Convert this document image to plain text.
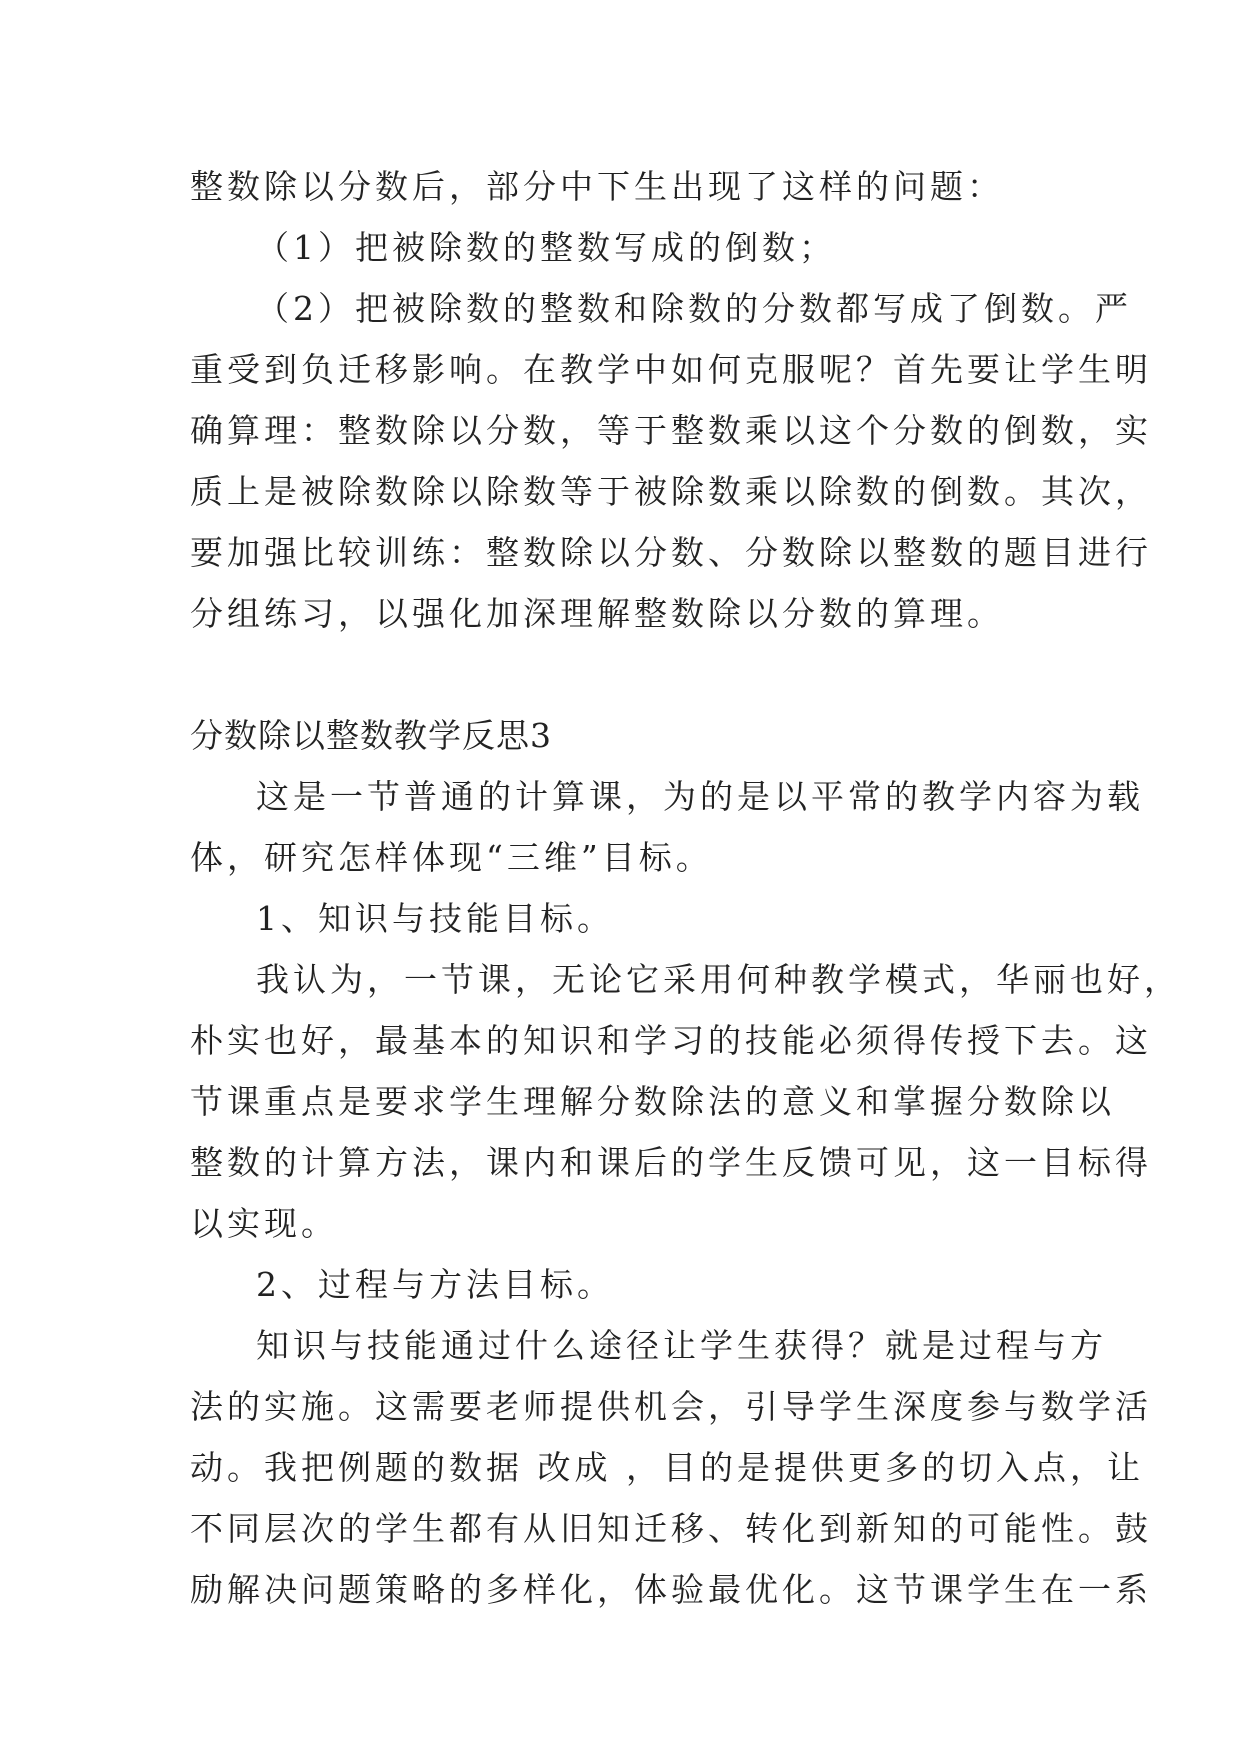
整数除以分数后，部分中下生出现了这样的问题：
（1）把被除数的整数写成的倒数；
（2）把被除数的整数和除数的分数都写成了倒数。严
重受到负迁移影响。在教学中如何克服呢？首先要让学生明
确算理：整数除以分数，等于整数乘以这个分数的倒数，实
质上是被除数除以除数等于被除数乘以除数的倒数。其次，
要加强比较训练：整数除以分数、分数除以整数的题目进行
分组练习，以强化加深理解整数除以分数的算理。
分数除以整数教学反思3
这是一节普通的计算课，为的是以平常的教学内容为载
体，研究怎样体现“三维”目标。
1、知识与技能目标。
我认为，一节课，无论它采用何种教学模式，华丽也好，
朴实也好，最基本的知识和学习的技能必须得传授下去。这
节课重点是要求学生理解分数除法的意义和掌握分数除以
整数的计算方法，课内和课后的学生反馈可见，这一目标得
以实现。
2、过程与方法目标。
知识与技能通过什么途径让学生获得？就是过程与方
法的实施。这需要老师提供机会，引导学生深度参与数学活
动。我把例题的数据 改成 ，目的是提供更多的切入点，让
不同层次的学生都有从旧知迁移、转化到新知的可能性。鼓
励解决问题策略的多样化，体验最优化。这节课学生在一系
